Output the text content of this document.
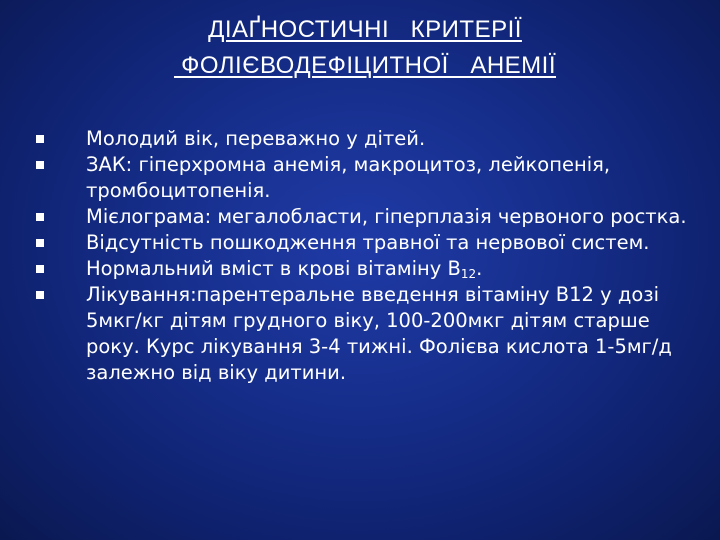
ДІАҐНОСТИЧНІ   КРИТЕРІЇ
ФОЛІЄВОДЕФІЦИТНОЇ   АНЕМІЇ
Молодий вік, переважно у дітей.
ЗАК: гіперхромна анемія, макроцитоз, лейкопенія, тромбоцитопенія.
Мієлограма: мегалобласти, гіперплазія червоного ростка.
Відсутність пошкодження травної та нервової систем.
Нормальний вміст в крові вітаміну $В_{12}$.
Лікування:парентеральне введення вітаміну В12 у дозі 5мкг/кг дітям грудного віку, 100-200мкг дітям старше року. Курс лікування 3-4 тижні. Фолієва кислота 1-5мг/д залежно від віку дитини.
